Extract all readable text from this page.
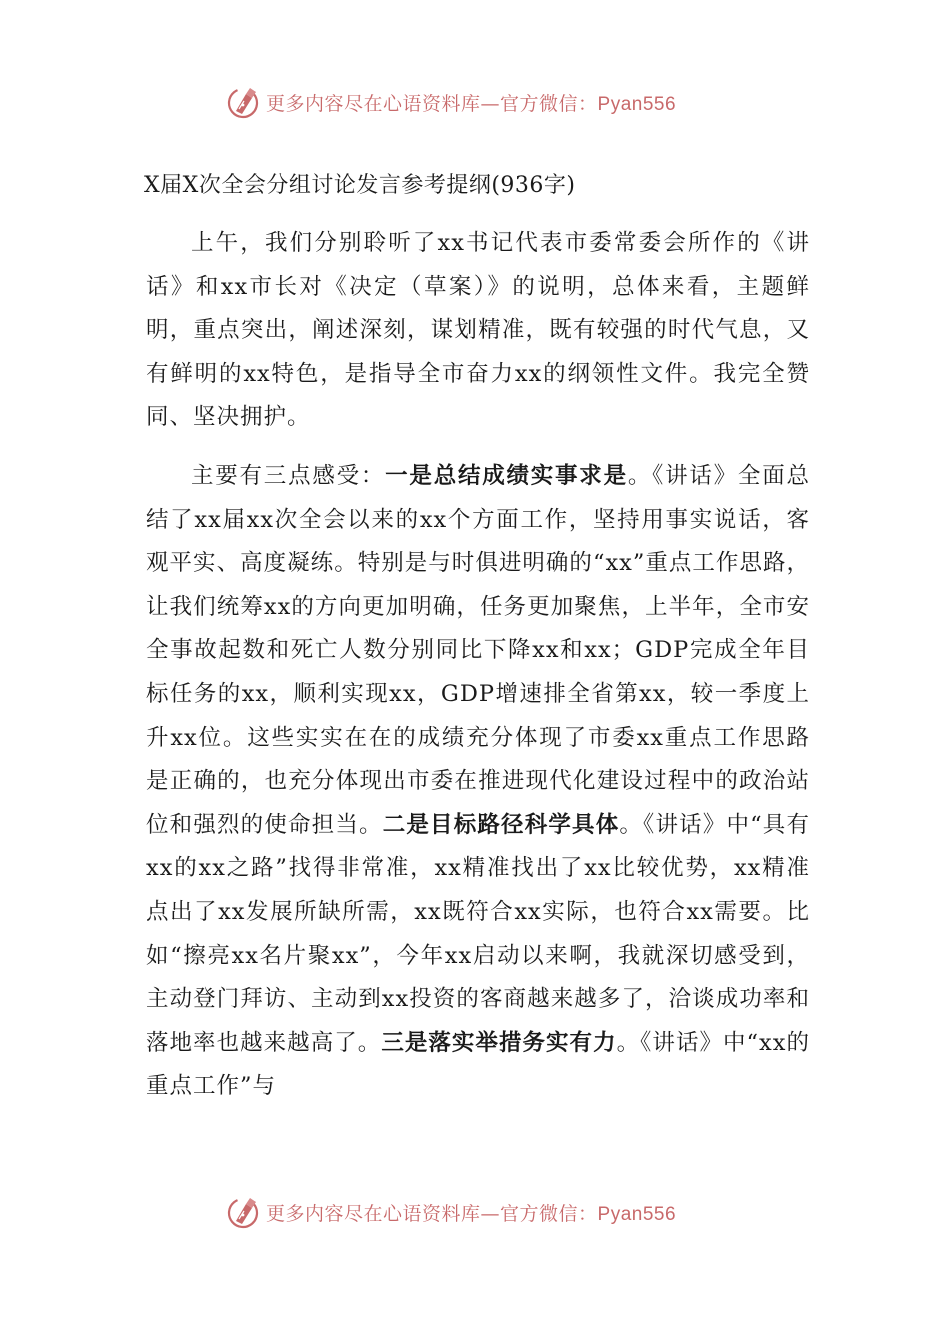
更多内容尽在心语资料库—官方微信：Pyan556
X届X次全会分组讨论发言参考提纲(936字)

上午，我们分别聆听了xx书记代表市委常委会所作的《讲话》和xx市长对《决定（草案）》的说明，总体来看，主题鲜明，重点突出，阐述深刻，谋划精准，既有较强的时代气息，又有鲜明的xx特色，是指导全市奋力xx的纲领性文件。我完全赞同、坚决拥护。

主要有三点感受：一是总结成绩实事求是。《讲话》全面总结了xx届xx次全会以来的xx个方面工作，坚持用事实说话，客观平实、高度凝练。特别是与时俱进明确的“xx”重点工作思路，让我们统筹xx的方向更加明确，任务更加聚焦，上半年，全市安全事故起数和死亡人数分别同比下降xx和xx；GDP完成全年目标任务的xx，顺利实现xx，GDP增速排全省第xx，较一季度上升xx位。这些实实在在的成绩充分体现了市委xx重点工作思路是正确的，也充分体现出市委在推进现代化建设过程中的政治站位和强烈的使命担当。二是目标路径科学具体。《讲话》中“具有xx的xx之路”找得非常准，xx精准找出了xx比较优势，xx精准点出了xx发展所缺所需，xx既符合xx实际，也符合xx需要。比如“擦亮xx名片聚xx”，今年xx启动以来啊，我就深切感受到，主动登门拜访、主动到xx投资的客商越来越多了，洽谈成功率和落地率也越来越高了。三是落实举措务实有力。《讲话》中“xx的重点工作”与

更多内容尽在心语资料库—官方微信：Pyan556
